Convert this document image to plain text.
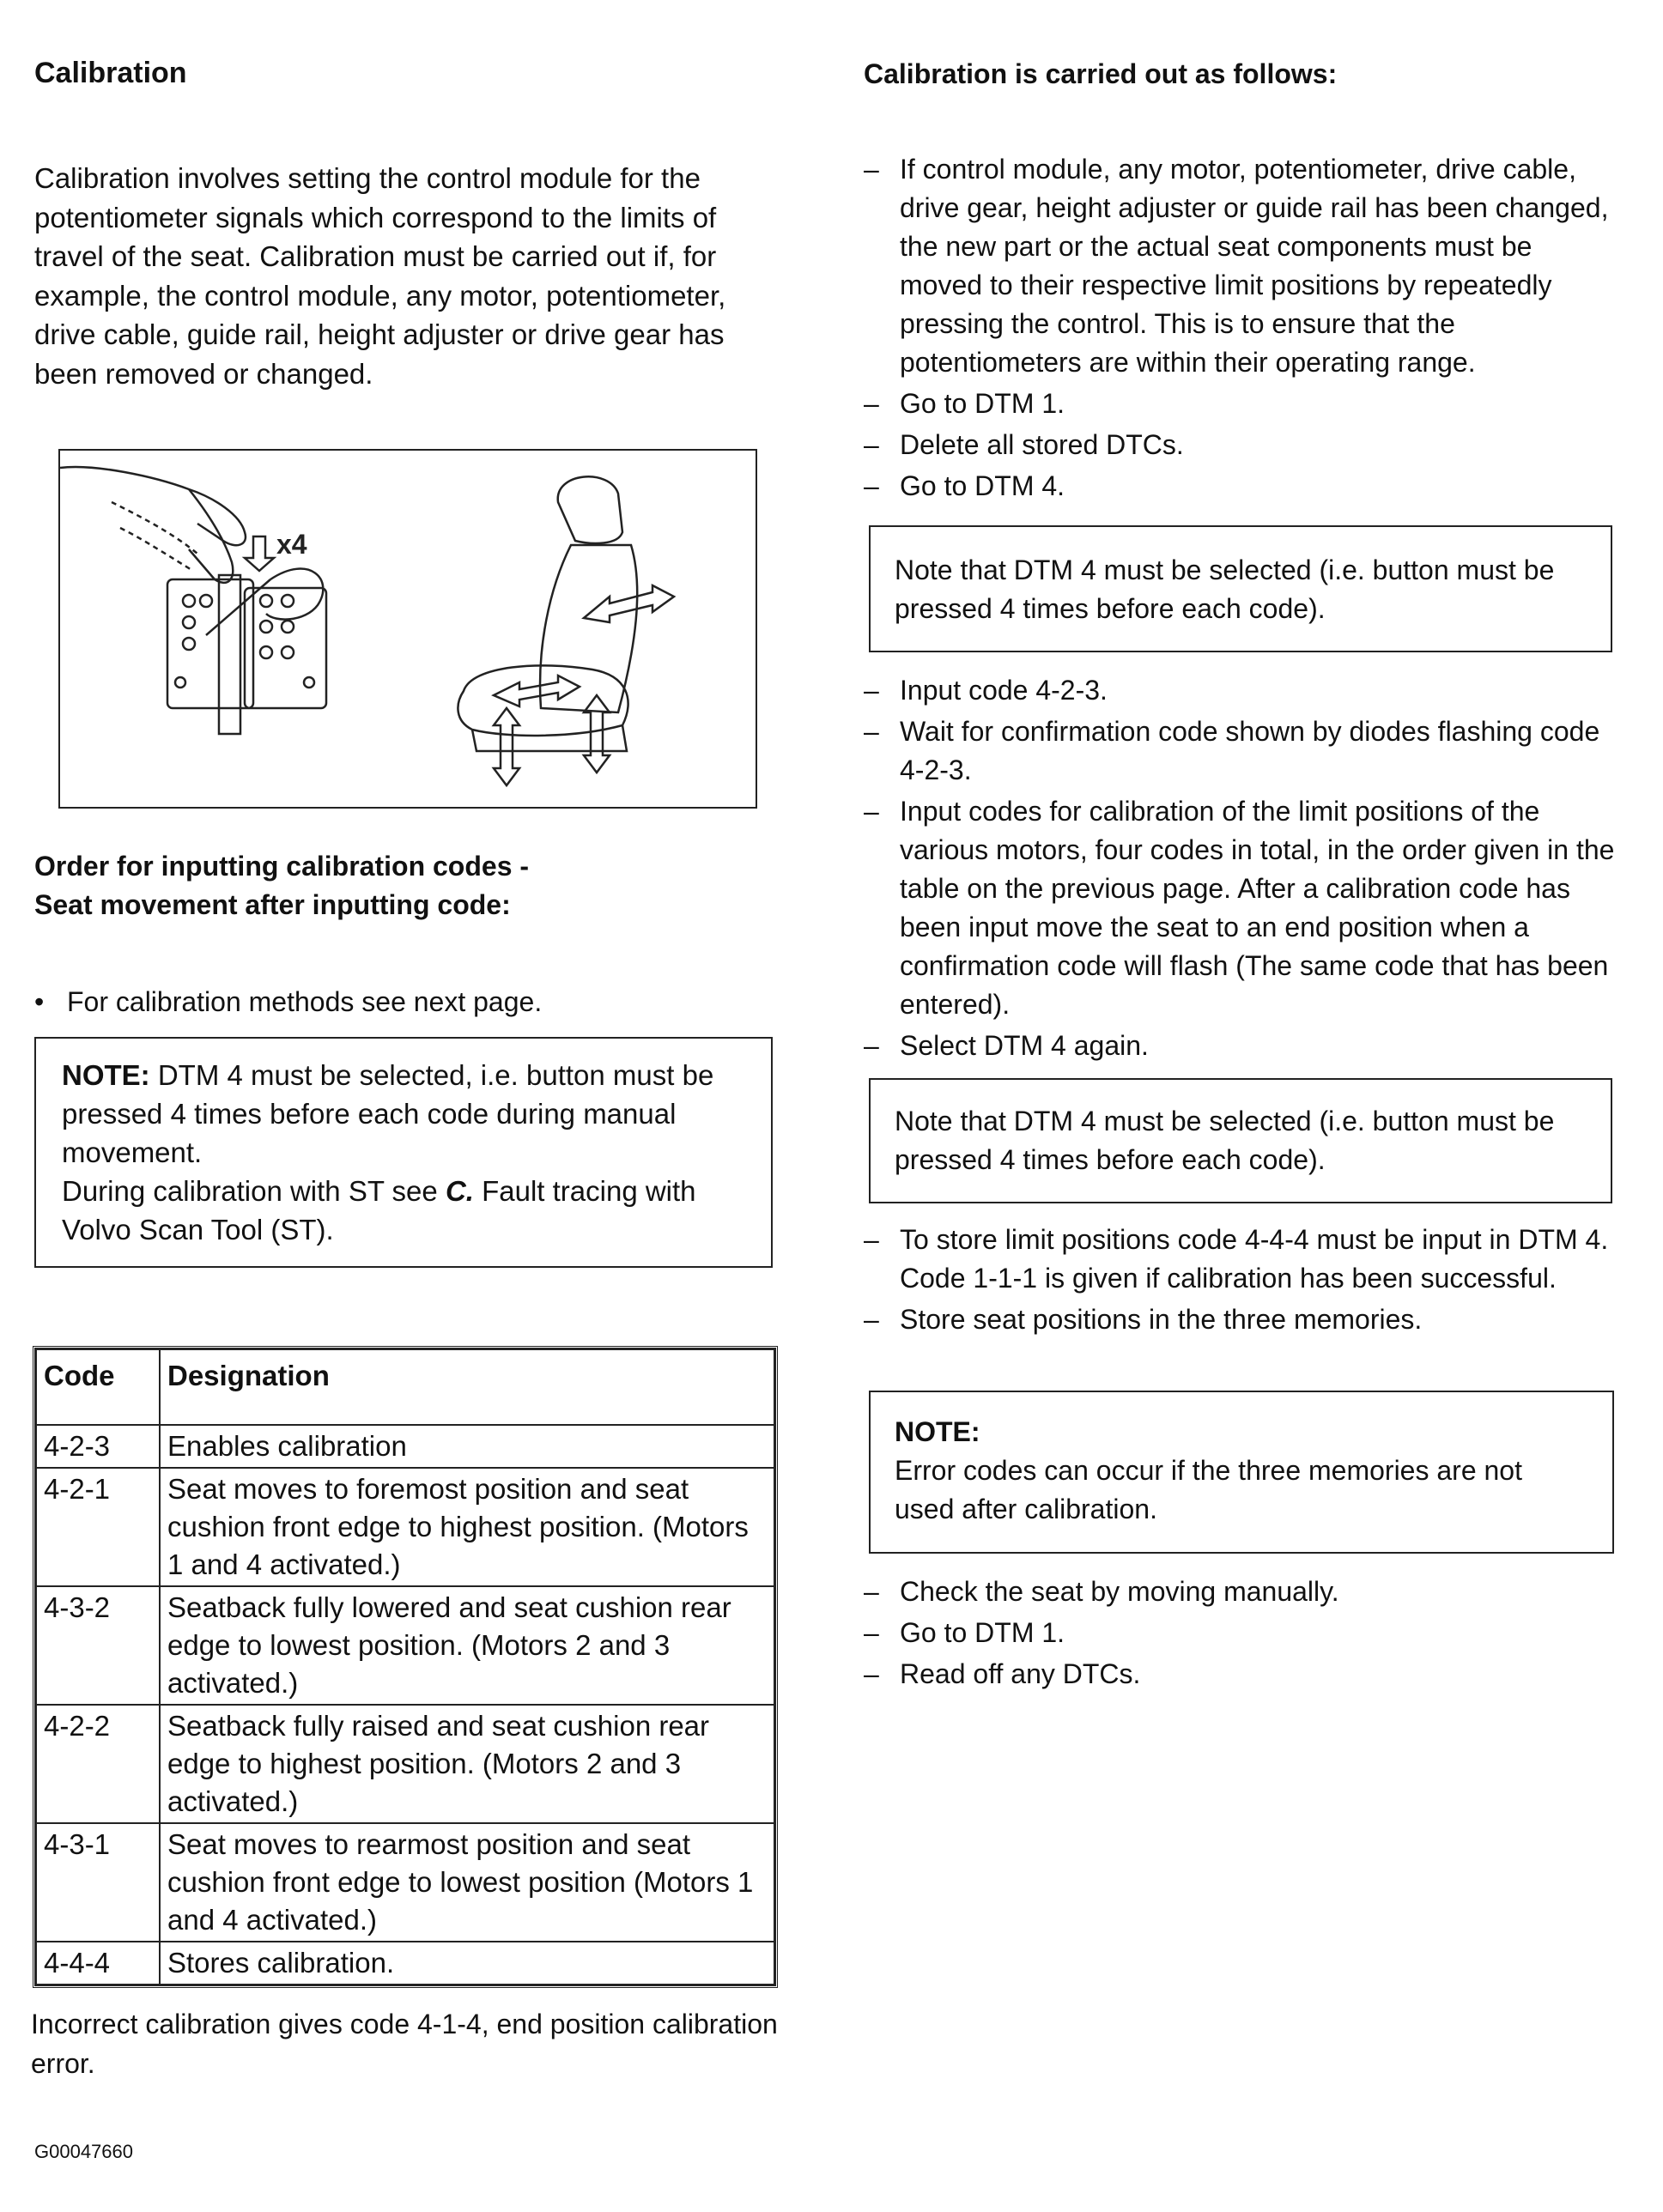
Calibration
Calibration involves setting the control module for the potentiometer signals which correspond to the limits of travel of the seat. Calibration must be carried out if, for example, the control module, any motor, potentiometer, drive cable, guide rail, height adjuster or drive gear has been removed or changed.
x4
Order for inputting calibration codes -
Seat movement after inputting code:
• For calibration methods see next page.
NOTE: DTM 4 must be selected, i.e. button must be pressed 4 times before each code during manual movement.
During calibration with ST see C. Fault tracing with Volvo Scan Tool (ST).
Code	Designation
4-2-3	Enables calibration
4-2-1	Seat moves to foremost position and seat cushion front edge to highest position. (Motors 1 and 4 activated.)
4-3-2	Seatback fully lowered and seat cushion rear edge to lowest position. (Motors 2 and 3 activated.)
4-2-2	Seatback fully raised and seat cushion rear edge to highest position. (Motors 2 and 3 activated.)
4-3-1	Seat moves to rearmost position and seat cushion front edge to lowest position (Motors 1 and 4 activated.)
4-4-4	Stores calibration.
Incorrect calibration gives code 4-1-4, end position calibration error.
G00047660
Calibration is carried out as follows:
– If control module, any motor, potentiometer, drive cable, drive gear, height adjuster or guide rail has been changed, the new part or the actual seat components must be moved to their respective limit positions by repeatedly pressing the control. This is to ensure that the potentiometers are within their operating range.
– Go to DTM 1.
– Delete all stored DTCs.
– Go to DTM 4.
Note that DTM 4 must be selected (i.e. button must be pressed 4 times before each code).
– Input code 4-2-3.
– Wait for confirmation code shown by diodes flashing code 4-2-3.
– Input codes for calibration of the limit positions of the various motors, four codes in total, in the order given in the table on the previous page. After a calibration code has been input move the seat to an end position when a confirmation code will flash (The same code that has been entered).
– Select DTM 4 again.
Note that DTM 4 must be selected (i.e. button must be pressed 4 times before each code).
– To store limit positions code 4-4-4 must be input in DTM 4.
Code 1-1-1 is given if calibration has been successful.
– Store seat positions in the three memories.
NOTE:
Error codes can occur if the three memories are not used after calibration.
– Check the seat by moving manually.
– Go to DTM 1.
– Read off any DTCs.
